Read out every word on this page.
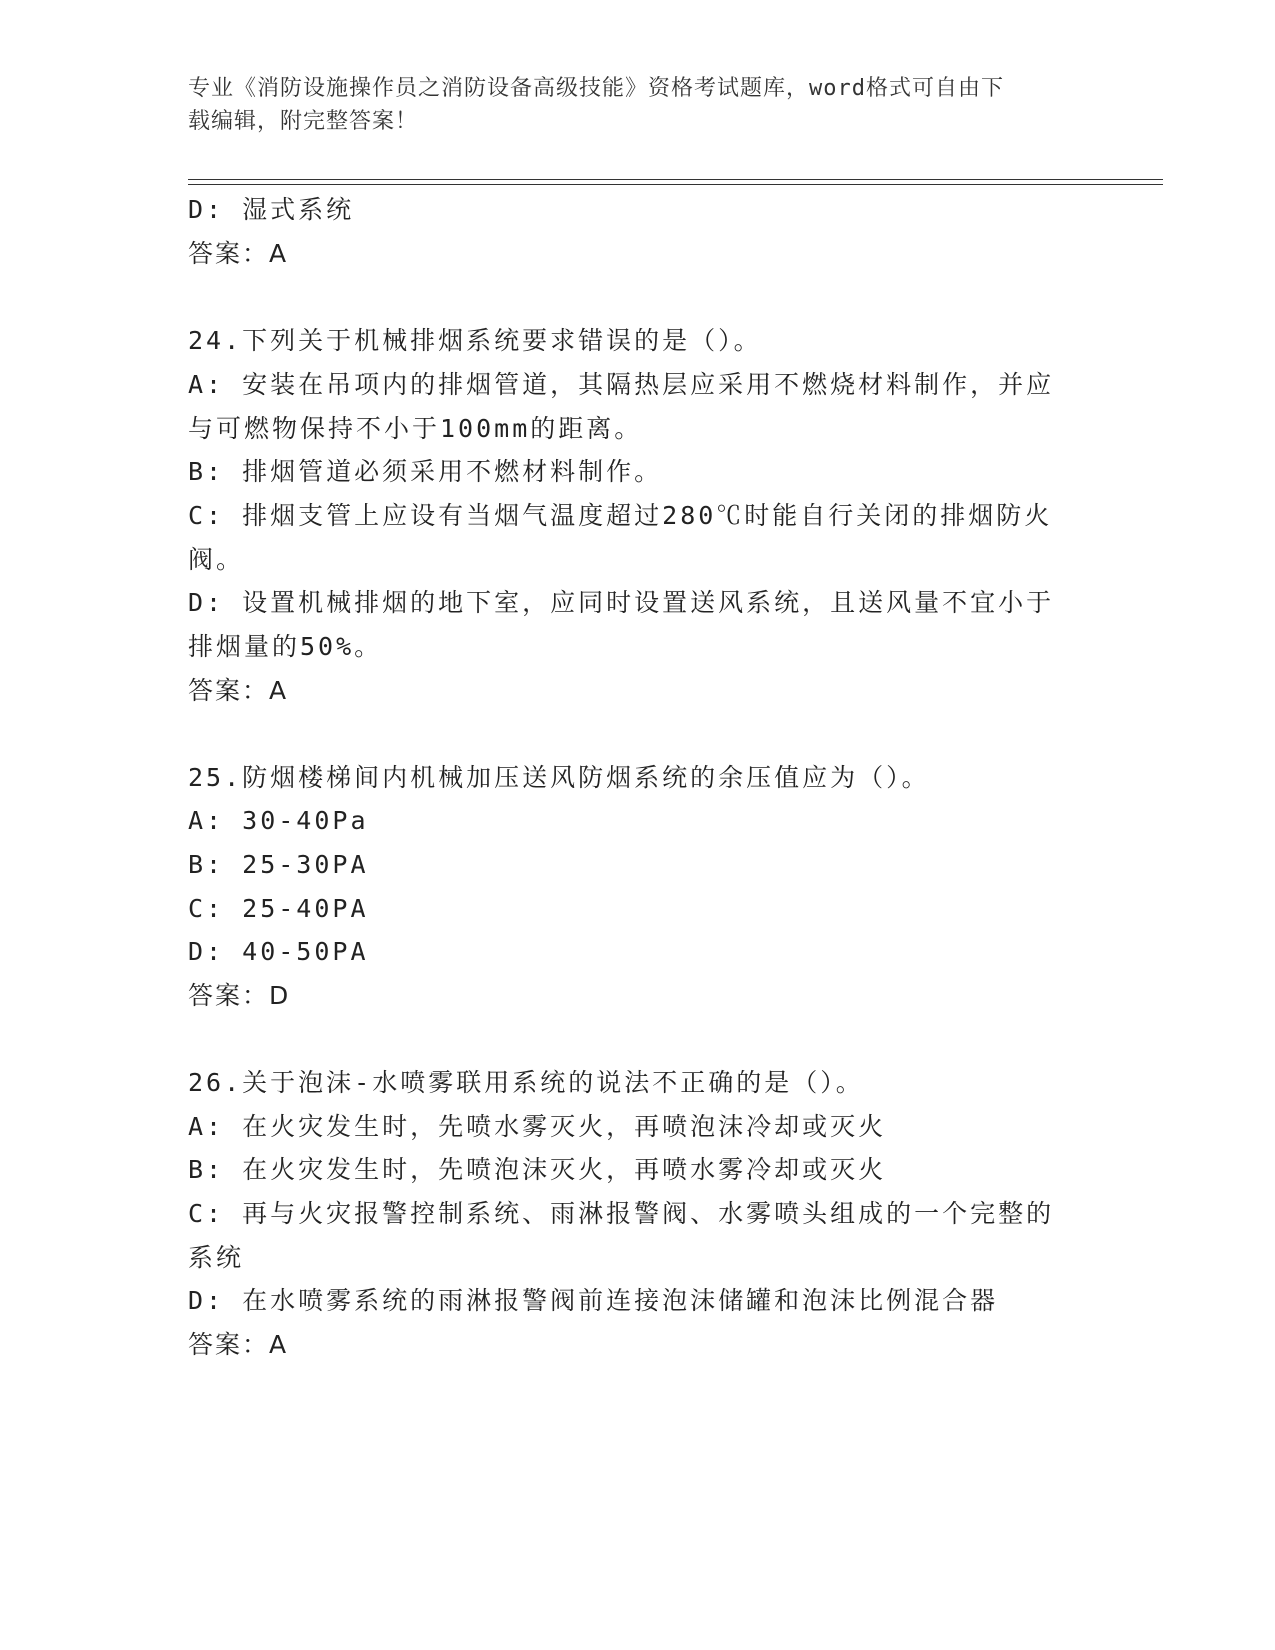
专业《消防设施操作员之消防设备高级技能》资格考试题库，word格式可自由下
载编辑，附完整答案！
D: 湿式系统
答案：A
24.下列关于机械排烟系统要求错误的是（）。
A: 安装在吊项内的排烟管道，其隔热层应采用不燃烧材料制作，并应
与可燃物保持不小于100mm的距离。
B: 排烟管道必须采用不燃材料制作。
C: 排烟支管上应设有当烟气温度超过280℃时能自行关闭的排烟防火
阀。
D: 设置机械排烟的地下室，应同时设置送风系统，且送风量不宜小于
排烟量的50%。
答案：A
25.防烟楼梯间内机械加压送风防烟系统的余压值应为（）。
A: 30-40Pa
B: 25-30PA
C: 25-40PA
D: 40-50PA
答案：D
26.关于泡沫-水喷雾联用系统的说法不正确的是（）。
A: 在火灾发生时，先喷水雾灭火，再喷泡沫冷却或灭火
B: 在火灾发生时，先喷泡沫灭火，再喷水雾冷却或灭火
C: 再与火灾报警控制系统、雨淋报警阀、水雾喷头组成的一个完整的
系统
D: 在水喷雾系统的雨淋报警阀前连接泡沫储罐和泡沫比例混合器
答案：A
